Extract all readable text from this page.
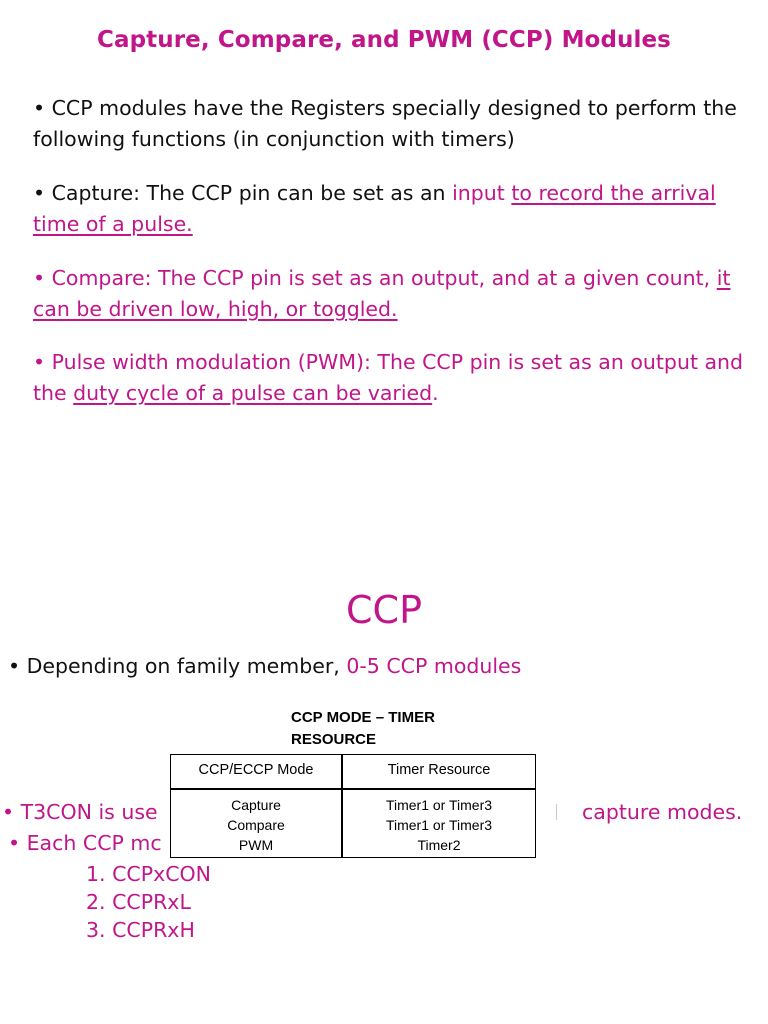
Capture, Compare, and PWM (CCP) Modules
• CCP modules have the Registers specially designed to perform the following functions (in conjunction with timers)
• Capture: The CCP pin can be set as an input to record the arrival time of a pulse.
• Compare: The CCP pin is set as an output, and at a given count, it can be driven low, high, or toggled.
• Pulse width modulation (PWM): The CCP pin is set as an output and the duty cycle of a pulse can be varied.
CCP
• Depending on family member, 0-5 CCP modules
• T3CON is use	capture modes.
• Each CCP mc
1. CCPxCON
2. CCPRxL
3. CCPRxH
CCP MODE – TIMER
RESOURCE
CCP/ECCP Mode	Timer Resource
Capture
Compare
PWM
Timer1 or Timer3
Timer1 or Timer3
Timer2
